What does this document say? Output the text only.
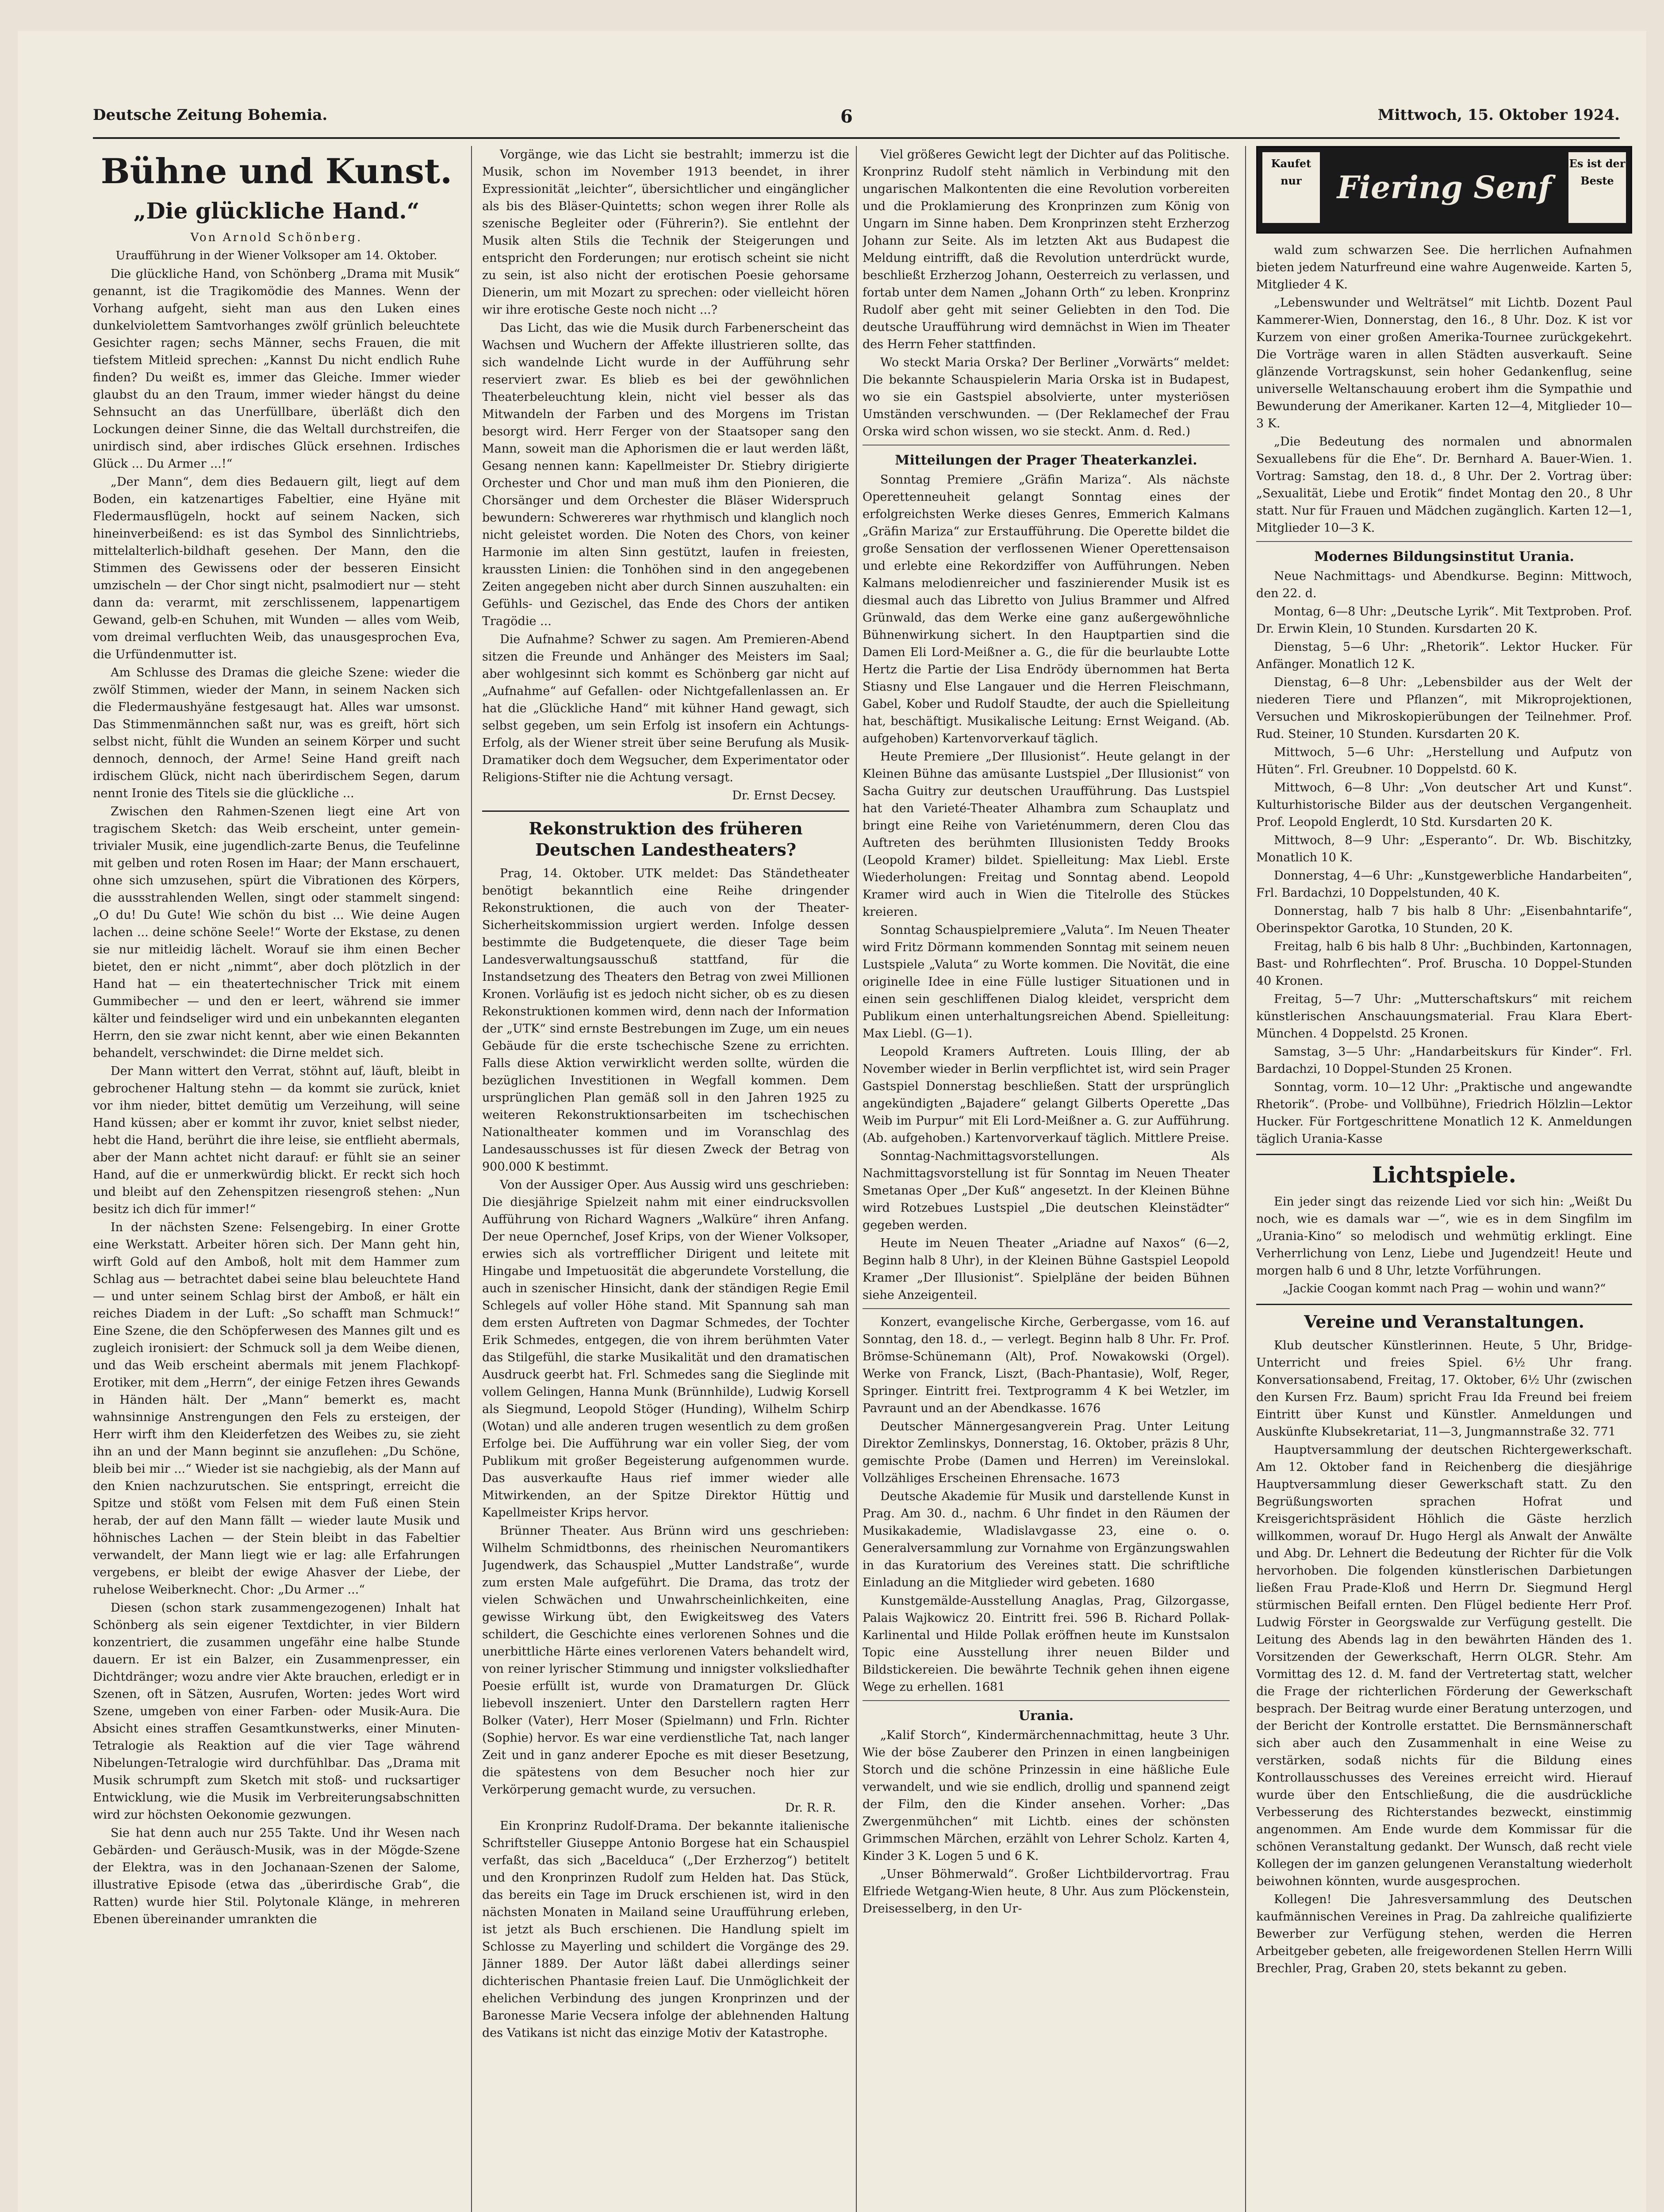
Deutsche Zeitung Bohemia.	6	Mittwoch, 15. Oktober 1924.
Bühne und Kunst.
„Die glückliche Hand.“

Von Arnold Schönberg.

Uraufführung in der Wiener Volksoper am 14. Oktober.

Die glückliche Hand, von Schönberg „Drama mit Musik“ genannt, ist die Tragikomödie des Mannes. Wenn der Vorhang aufgeht, sieht man aus den Luken eines dunkelviolettem Samtvorhanges zwölf grünlich beleuchtete Gesichter ragen; sechs Männer, sechs Frauen, die mit tiefstem Mitleid sprechen: „Kannst Du nicht endlich Ruhe finden? Du weißt es, immer das Gleiche. Immer wieder glaubst du an den Traum, immer wieder hängst du deine Sehnsucht an das Unerfüllbare, überläßt dich den Lockungen deiner Sinne, die das Weltall durchstreifen, die unirdisch sind, aber irdisches Glück ersehnen. Irdisches Glück ... Du Armer ...!“

„Der Mann“, dem dies Bedauern gilt, liegt auf dem Boden, ein katzenartiges Fabeltier, eine Hyäne mit Fledermausflügeln, hockt auf seinem Nacken, sich hineinverbeißend: es ist das Symbol des Sinnlichtriebs, mittelalterlich-bildhaft gesehen. Der Mann, den die Stimmen des Gewissens oder der besseren Einsicht umzischeln — der Chor singt nicht, psalmodiert nur — steht dann da: verarmt, mit zerschlissenem, lappenartigem Gewand, gelb-en Schuhen, mit Wunden — alles vom Weib, vom dreimal verfluchten Weib, das unausgesprochen Eva, die Urfündenmutter ist.

Am Schlusse des Dramas die gleiche Szene: wieder die zwölf Stimmen, wieder der Mann, in seinem Nacken sich die Fledermaushyäne festgesaugt hat. Alles war umsonst. Das Stimmenmännchen saßt nur, was es greift, hört sich selbst nicht, fühlt die Wunden an seinem Körper und sucht dennoch, dennoch, der Arme! Seine Hand greift nach irdischem Glück, nicht nach überirdischem Segen, darum nennt Ironie des Titels sie die glückliche ...

Zwischen den Rahmen-Szenen liegt eine Art von tragischem Sketch: das Weib erscheint, unter gemein-trivialer Musik, eine jugendlich-zarte Benus, die Teufelinne mit gelben und roten Rosen im Haar; der Mann erschauert, ohne sich umzusehen, spürt die Vibrationen des Körpers, die aussstrahlenden Wellen, singt oder stammelt singend: „O du! Du Gute! Wie schön du bist ... Wie deine Augen lachen ... deine schöne Seele!“ Worte der Ekstase, zu denen sie nur mitleidig lächelt. Worauf sie ihm einen Becher bietet, den er nicht „nimmt“, aber doch plötzlich in der Hand hat — ein theatertechnischer Trick mit einem Gummibecher — und den er leert, während sie immer kälter und feindseliger wird und ein unbekannten eleganten Herrn, den sie zwar nicht kennt, aber wie einen Bekannten behandelt, verschwindet: die Dirne meldet sich.

Der Mann wittert den Verrat, stöhnt auf, läuft, bleibt in gebrochener Haltung stehn — da kommt sie zurück, kniet vor ihm nieder, bittet demütig um Verzeihung, will seine Hand küssen; aber er kommt ihr zuvor, kniet selbst nieder, hebt die Hand, berührt die ihre leise, sie entflieht abermals, aber der Mann achtet nicht darauf: er fühlt sie an seiner Hand, auf die er unmerkwürdig blickt. Er reckt sich hoch und bleibt auf den Zehenspitzen riesengroß stehen: „Nun besitz ich dich für immer!“

In der nächsten Szene: Felsengebirg. In einer Grotte eine Werkstatt. Arbeiter hören sich. Der Mann geht hin, wirft Gold auf den Amboß, holt mit dem Hammer zum Schlag aus — betrachtet dabei seine blau beleuchtete Hand — und unter seinem Schlag birst der Amboß, er hält ein reiches Diadem in der Luft: „So schafft man Schmuck!“ Eine Szene, die den Schöpferwesen des Mannes gilt und es zugleich ironisiert: der Schmuck soll ja dem Weibe dienen, und das Weib erscheint abermals mit jenem Flachkopf-Erotiker, mit dem „Herrn“, der einige Fetzen ihres Gewands in Händen hält. Der „Mann“ bemerkt es, macht wahnsinnige Anstrengungen den Fels zu ersteigen, der Herr wirft ihm den Kleiderfetzen des Weibes zu, sie zieht ihn an und der Mann beginnt sie anzuflehen: „Du Schöne, bleib bei mir ...“ Wieder ist sie nachgiebig, als der Mann auf den Knien nachzurutschen. Sie entspringt, erreicht die Spitze und stößt vom Felsen mit dem Fuß einen Stein herab, der auf den Mann fällt — wieder laute Musik und höhnisches Lachen — der Stein bleibt in das Fabeltier verwandelt, der Mann liegt wie er lag: alle Erfahrungen vergebens, er bleibt der ewige Ahasver der Liebe, der ruhelose Weiberknecht. Chor: „Du Armer ...“

Diesen (schon stark zusammengezogenen) Inhalt hat Schönberg als sein eigener Textdichter, in vier Bildern konzentriert, die zusammen ungefähr eine halbe Stunde dauern. Er ist ein Balzer, ein Zusammenpresser, ein Dichtdränger; wozu andre vier Akte brauchen, erledigt er in Szenen, oft in Sätzen, Ausrufen, Worten: jedes Wort wird Szene, umgeben von einer Farben- oder Musik-Aura. Die Absicht eines straffen Gesamtkunstwerks, einer Minuten-Tetralogie als Reaktion auf die vier Tage während Nibelungen-Tetralogie wird durchfühlbar. Das „Drama mit Musik schrumpft zum Sketch mit stoß- und rucksartiger Entwicklung, wie die Musik im Verbreiterungsabschnitten wird zur höchsten Oekonomie gezwungen.

Sie hat denn auch nur 255 Takte. Und ihr Wesen nach Gebärden- und Geräusch-Musik, was in der Mögde-Szene der Elektra, was in den Jochanaan-Szenen der Salome, illustrative Episode (etwa das „überirdische Grab“, die Ratten) wurde hier Stil. Polytonale Klänge, in mehreren Ebenen übereinander umrankten die

Vorgänge, wie das Licht sie bestrahlt; immerzu ist die Musik, schon im November 1913 beendet, in ihrer Expressionität „leichter“, übersichtlicher und eingänglicher als bis des Bläser-Quintetts; schon wegen ihrer Rolle als szenische Begleiter oder (Führerin?). Sie entlehnt der Musik alten Stils die Technik der Steigerungen und entspricht den Forderungen; nur erotisch scheint sie nicht zu sein, ist also nicht der erotischen Poesie gehorsame Dienerin, um mit Mozart zu sprechen: oder vielleicht hören wir ihre erotische Geste noch nicht ...?

Das Licht, das wie die Musik durch Farbenerscheint das Wachsen und Wuchern der Affekte illustrieren sollte, das sich wandelnde Licht wurde in der Aufführung sehr reserviert zwar. Es blieb es bei der gewöhnlichen Theaterbeleuchtung klein, nicht viel besser als das Mitwandeln der Farben und des Morgens im Tristan besorgt wird. Herr Ferger von der Staatsoper sang den Mann, soweit man die Aphorismen die er laut werden läßt, Gesang nennen kann: Kapellmeister Dr. Stiebry dirigierte Orchester und Chor und man muß ihm den Pionieren, die Chorsänger und dem Orchester die Bläser Widerspruch bewundern: Schwereres war rhythmisch und klanglich noch nicht geleistet worden. Die Noten des Chors, von keiner Harmonie im alten Sinn gestützt, laufen in freiesten, kraussten Linien: die Tonhöhen sind in den angegebenen Zeiten angegeben nicht aber durch Sinnen auszuhalten: ein Gefühls- und Gezischel, das Ende des Chors der antiken Tragödie ...

Die Aufnahme? Schwer zu sagen. Am Premieren-Abend sitzen die Freunde und Anhänger des Meisters im Saal; aber wohlgesinnt sich kommt es Schönberg gar nicht auf „Aufnahme“ auf Gefallen- oder Nichtgefallenlassen an. Er hat die „Glückliche Hand“ mit kühner Hand gewagt, sich selbst gegeben, um sein Erfolg ist insofern ein Achtungs-Erfolg, als der Wiener streit über seine Berufung als Musik-Dramatiker doch dem Wegsucher, dem Experimentator oder Religions-Stifter nie die Achtung versagt.

Dr. Ernst Decsey.

Rekonstruktion des früheren Deutschen Landestheaters?

Prag, 14. Oktober. UTK meldet: Das Ständetheater benötigt bekanntlich eine Reihe dringender Rekonstruktionen, die auch von der Theater-Sicherheitskommission urgiert werden. Infolge dessen bestimmte die Budgetenquete, die dieser Tage beim Landesverwaltungsausschuß stattfand, für die Instandsetzung des Theaters den Betrag von zwei Millionen Kronen. Vorläufig ist es jedoch nicht sicher, ob es zu diesen Rekonstruktionen kommen wird, denn nach der Information der „UTK“ sind ernste Bestrebungen im Zuge, um ein neues Gebäude für die erste tschechische Szene zu errichten. Falls diese Aktion verwirklicht werden sollte, würden die bezüglichen Investitionen in Wegfall kommen. Dem ursprünglichen Plan gemäß soll in den Jahren 1925 zu weiteren Rekonstruktionsarbeiten im tschechischen Nationaltheater kommen und im Voranschlag des Landesausschusses ist für diesen Zweck der Betrag von 900.000 K bestimmt.

Von der Aussiger Oper. Aus Aussig wird uns geschrieben: Die diesjährige Spielzeit nahm mit einer eindrucksvollen Aufführung von Richard Wagners „Walküre“ ihren Anfang. Der neue Opernchef, Josef Krips, von der Wiener Volksoper, erwies sich als vortrefflicher Dirigent und leitete mit Hingabe und Impetuosität die abgerundete Vorstellung, die auch in szenischer Hinsicht, dank der ständigen Regie Emil Schlegels auf voller Höhe stand. Mit Spannung sah man dem ersten Auftreten von Dagmar Schmedes, der Tochter Erik Schmedes, entgegen, die von ihrem berühmten Vater das Stilgefühl, die starke Musikalität und den dramatischen Ausdruck geerbt hat. Frl. Schmedes sang die Sieglinde mit vollem Gelingen, Hanna Munk (Brünnhilde), Ludwig Korsell als Siegmund, Leopold Stöger (Hunding), Wilhelm Schirp (Wotan) und alle anderen trugen wesentlich zu dem großen Erfolge bei. Die Aufführung war ein voller Sieg, der vom Publikum mit großer Begeisterung aufgenommen wurde. Das ausverkaufte Haus rief immer wieder alle Mitwirkenden, an der Spitze Direktor Hüttig und Kapellmeister Krips hervor.

Brünner Theater. Aus Brünn wird uns geschrieben: Wilhelm Schmidtbonns, des rheinischen Neuromantikers Jugendwerk, das Schauspiel „Mutter Landstraße“, wurde zum ersten Male aufgeführt. Die Drama, das trotz der vielen Schwächen und Unwahrscheinlichkeiten, eine gewisse Wirkung übt, den Ewigkeitsweg des Vaters schildert, die Geschichte eines verlorenen Sohnes und die unerbittliche Härte eines verlorenen Vaters behandelt wird, von reiner lyrischer Stimmung und innigster volksliedhafter Poesie erfüllt ist, wurde von Dramaturgen Dr. Glück liebevoll inszeniert. Unter den Darstellern ragten Herr Bolker (Vater), Herr Moser (Spielmann) und Frln. Richter (Sophie) hervor. Es war eine verdienstliche Tat, nach langer Zeit und in ganz anderer Epoche es mit dieser Besetzung, die spätestens von dem Besucher noch hier zur Verkörperung gemacht wurde, zu versuchen.

Dr. R. R.

Ein Kronprinz Rudolf-Drama. Der bekannte italienische Schriftsteller Giuseppe Antonio Borgese hat ein Schauspiel verfaßt, das sich „Bacelduca“ („Der Erzherzog“) betitelt und den Kronprinzen Rudolf zum Helden hat. Das Stück, das bereits ein Tage im Druck erschienen ist, wird in den nächsten Monaten in Mailand seine Uraufführung erleben, ist jetzt als Buch erschienen. Die Handlung spielt im Schlosse zu Mayerling und schildert die Vorgänge des 29. Jänner 1889. Der Autor läßt dabei allerdings seiner dichterischen Phantasie freien Lauf. Die Unmöglichkeit der ehelichen Verbindung des jungen Kronprinzen und der Baronesse Marie Vecsera infolge der ablehnenden Haltung des Vatikans ist nicht das einzige Motiv der Katastrophe.

Viel größeres Gewicht legt der Dichter auf das Politische. Kronprinz Rudolf steht nämlich in Verbindung mit den ungarischen Malkontenten die eine Revolution vorbereiten und die Proklamierung des Kronprinzen zum König von Ungarn im Sinne haben. Dem Kronprinzen steht Erzherzog Johann zur Seite. Als im letzten Akt aus Budapest die Meldung eintrifft, daß die Revolution unterdrückt wurde, beschließt Erzherzog Johann, Oesterreich zu verlassen, und fortab unter dem Namen „Johann Orth“ zu leben. Kronprinz Rudolf aber geht mit seiner Geliebten in den Tod. Die deutsche Uraufführung wird demnächst in Wien im Theater des Herrn Feher stattfinden.

Wo steckt Maria Orska? Der Berliner „Vorwärts“ meldet: Die bekannte Schauspielerin Maria Orska ist in Budapest, wo sie ein Gastspiel absolvierte, unter mysteriösen Umständen verschwunden. — (Der Reklamechef der Frau Orska wird schon wissen, wo sie steckt. Anm. d. Red.)

Mitteilungen der Prager Theaterkanzlei.

Sonntag Premiere „Gräfin Mariza“. Als nächste Operettenneuheit gelangt Sonntag eines der erfolgreichsten Werke dieses Genres, Emmerich Kalmans „Gräfin Mariza“ zur Erstaufführung. Die Operette bildet die große Sensation der verflossenen Wiener Operettensaison und erlebte eine Rekordziffer von Aufführungen. Neben Kalmans melodienreicher und faszinierender Musik ist es diesmal auch das Libretto von Julius Brammer und Alfred Grünwald, das dem Werke eine ganz außergewöhnliche Bühnenwirkung sichert. In den Hauptpartien sind die Damen Eli Lord-Meißner a. G., die für die beurlaubte Lotte Hertz die Partie der Lisa Endrödy übernommen hat Berta Stiasny und Else Langauer und die Herren Fleischmann, Gabel, Kober und Rudolf Staudte, der auch die Spielleitung hat, beschäftigt. Musikalische Leitung: Ernst Weigand. (Ab. aufgehoben) Kartenvorverkauf täglich.

Heute Premiere „Der Illusionist“. Heute gelangt in der Kleinen Bühne das amüsante Lustspiel „Der Illusionist“ von Sacha Guitry zur deutschen Uraufführung. Das Lustspiel hat den Varieté-Theater Alhambra zum Schauplatz und bringt eine Reihe von Varieténummern, deren Clou das Auftreten des berühmten Illusionisten Teddy Brooks (Leopold Kramer) bildet. Spielleitung: Max Liebl. Erste Wiederholungen: Freitag und Sonntag abend. Leopold Kramer wird auch in Wien die Titelrolle des Stückes kreieren.

Sonntag Schauspielpremiere „Valuta“. Im Neuen Theater wird Fritz Dörmann kommenden Sonntag mit seinem neuen Lustspiele „Valuta“ zu Worte kommen. Die Novität, die eine originelle Idee in eine Fülle lustiger Situationen und in einen sein geschliffenen Dialog kleidet, verspricht dem Publikum einen unterhaltungsreichen Abend. Spielleitung: Max Liebl. (G—1).

Leopold Kramers Auftreten. Louis Illing, der ab November wieder in Berlin verpflichtet ist, wird sein Prager Gastspiel Donnerstag beschließen. Statt der ursprünglich angekündigten „Bajadere“ gelangt Gilberts Operette „Das Weib im Purpur“ mit Eli Lord-Meißner a. G. zur Aufführung. (Ab. aufgehoben.) Kartenvorverkauf täglich. Mittlere Preise.

Sonntag-Nachmittagsvorstellungen. Als Nachmittagsvorstellung ist für Sonntag im Neuen Theater Smetanas Oper „Der Kuß“ angesetzt. In der Kleinen Bühne wird Rotzebues Lustspiel „Die deutschen Kleinstädter“ gegeben werden.

Heute im Neuen Theater „Ariadne auf Naxos“ (6—2, Beginn halb 8 Uhr), in der Kleinen Bühne Gastspiel Leopold Kramer „Der Illusionist“. Spielpläne der beiden Bühnen siehe Anzeigenteil.

Konzert, evangelische Kirche, Gerbergasse, vom 16. auf Sonntag, den 18. d., — verlegt. Beginn halb 8 Uhr. Fr. Prof. Brömse-Schünemann (Alt), Prof. Nowakowski (Orgel). Werke von Franck, Liszt, (Bach-Phantasie), Wolf, Reger, Springer. Eintritt frei. Textprogramm 4 K bei Wetzler, im Pavraunt und an der Abendkasse. 1676

Deutscher Männergesangverein Prag. Unter Leitung Direktor Zemlinskys, Donnerstag, 16. Oktober, präzis 8 Uhr, gemischte Probe (Damen und Herren) im Vereinslokal. Vollzähliges Erscheinen Ehrensache. 1673

Deutsche Akademie für Musik und darstellende Kunst in Prag. Am 30. d., nachm. 6 Uhr findet in den Räumen der Musikakademie, Wladislavgasse 23, eine o. o. Generalversammlung zur Vornahme von Ergänzungswahlen in das Kuratorium des Vereines statt. Die schriftliche Einladung an die Mitglieder wird gebeten. 1680

Kunstgemälde-Ausstellung Anaglas, Prag, Gilzorgasse, Palais Wajkowicz 20. Eintritt frei. 596 B. Richard Pollak-Karlinental und Hilde Pollak eröffnen heute im Kunstsalon Topic eine Ausstellung ihrer neuen Bilder und Bildstickereien. Die bewährte Technik gehen ihnen eigene Wege zu erhellen. 1681

Urania.

„Kalif Storch“, Kindermärchennachmittag, heute 3 Uhr. Wie der böse Zauberer den Prinzen in einen langbeinigen Storch und die schöne Prinzessin in eine häßliche Eule verwandelt, und wie sie endlich, drollig und spannend zeigt der Film, den die Kinder ansehen. Vorher: „Das Zwergenmühchen“ mit Lichtb. eines der schönsten Grimmschen Märchen, erzählt von Lehrer Scholz. Karten 4, Kinder 3 K. Logen 5 und 6 K.

„Unser Böhmerwald“. Großer Lichtbildervortrag. Frau Elfriede Wetgang-Wien heute, 8 Uhr. Aus zum Plöckenstein, Dreisesselberg, in den Ur-

Kaufet nur	Fiering Senf
Es ist der Beste

wald zum schwarzen See. Die herrlichen Aufnahmen bieten jedem Naturfreund eine wahre Augenweide. Karten 5, Mitglieder 4 K.

„Lebenswunder und Welträtsel“ mit Lichtb. Dozent Paul Kammerer-Wien, Donnerstag, den 16., 8 Uhr. Doz. K ist vor Kurzem von einer großen Amerika-Tournee zurückgekehrt. Die Vorträge waren in allen Städten ausverkauft. Seine glänzende Vortragskunst, sein hoher Gedankenflug, seine universelle Weltanschauung erobert ihm die Sympathie und Bewunderung der Amerikaner. Karten 12—4, Mitglieder 10—3 K.

„Die Bedeutung des normalen und abnormalen Sexuallebens für die Ehe“. Dr. Bernhard A. Bauer-Wien. 1. Vortrag: Samstag, den 18. d., 8 Uhr. Der 2. Vortrag über: „Sexualität, Liebe und Erotik“ findet Montag den 20., 8 Uhr statt. Nur für Frauen und Mädchen zugänglich. Karten 12—1, Mitglieder 10—3 K.

Modernes Bildungsinstitut Urania.

Neue Nachmittags- und Abendkurse. Beginn: Mittwoch, den 22. d.

Montag, 6—8 Uhr: „Deutsche Lyrik“. Mit Textproben. Prof. Dr. Erwin Klein, 10 Stunden. Kursdarten 20 K.

Dienstag, 5—6 Uhr: „Rhetorik“. Lektor Hucker. Für Anfänger. Monatlich 12 K.

Dienstag, 6—8 Uhr: „Lebensbilder aus der Welt der niederen Tiere und Pflanzen“, mit Mikroprojektionen, Versuchen und Mikroskopierübungen der Teilnehmer. Prof. Rud. Steiner, 10 Stunden. Kursdarten 20 K.

Mittwoch, 5—6 Uhr: „Herstellung und Aufputz von Hüten“. Frl. Greubner. 10 Doppelstd. 60 K.

Mittwoch, 6—8 Uhr: „Von deutscher Art und Kunst“. Kulturhistorische Bilder aus der deutschen Vergangenheit. Prof. Leopold Englerdt, 10 Std. Kursdarten 20 K.

Mittwoch, 8—9 Uhr: „Esperanto“. Dr. Wb. Bischitzky, Monatlich 10 K.

Donnerstag, 4—6 Uhr: „Kunstgewerbliche Handarbeiten“, Frl. Bardachzi, 10 Doppelstunden, 40 K.

Donnerstag, halb 7 bis halb 8 Uhr: „Eisenbahntarife“, Oberinspektor Garotka, 10 Stunden, 20 K.

Freitag, halb 6 bis halb 8 Uhr: „Buchbinden, Kartonnagen, Bast- und Rohrflechten“. Prof. Bruscha. 10 Doppel-Stunden 40 Kronen.

Freitag, 5—7 Uhr: „Mutterschaftskurs“ mit reichem künstlerischen Anschauungsmaterial. Frau Klara Ebert-München. 4 Doppelstd. 25 Kronen.

Samstag, 3—5 Uhr: „Handarbeitskurs für Kinder“. Frl. Bardachzi, 10 Doppel-Stunden 25 Kronen.

Sonntag, vorm. 10—12 Uhr: „Praktische und angewandte Rhetorik“. (Probe- und Vollbühne), Friedrich Hölzlin—Lektor Hucker. Für Fortgeschrittene Monatlich 12 K. Anmeldungen täglich Urania-Kasse

Lichtspiele.

Ein jeder singt das reizende Lied vor sich hin: „Weißt Du noch, wie es damals war —“, wie es in dem Singfilm im „Urania-Kino“ so melodisch und wehmütig erklingt. Eine Verherrlichung von Lenz, Liebe und Jugendzeit! Heute und morgen halb 6 und 8 Uhr, letzte Vorführungen.

„Jackie Coogan kommt nach Prag — wohin und wann?“

Vereine und Veranstaltungen.

Klub deutscher Künstlerinnen. Heute, 5 Uhr, Bridge-Unterricht und freies Spiel. 6½ Uhr frang. Konversationsabend, Freitag, 17. Oktober, 6½ Uhr (zwischen den Kursen Frz. Baum) spricht Frau Ida Freund bei freiem Eintritt über Kunst und Künstler. Anmeldungen und Auskünfte Klubsekretariat, 11—3, Jungmannstraße 32. 771

Hauptversammlung der deutschen Richtergewerkschaft. Am 12. Oktober fand in Reichenberg die diesjährige Hauptversammlung dieser Gewerkschaft statt. Zu den Begrüßungsworten sprachen Hofrat und Kreisgerichtspräsident Höhlich die Gäste herzlich willkommen, worauf Dr. Hugo Hergl als Anwalt der Anwälte und Abg. Dr. Lehnert die Bedeutung der Richter für die Volk hervorhoben. Die folgenden künstlerischen Darbietungen ließen Frau Prade-Kloß und Herrn Dr. Siegmund Hergl stürmischen Beifall ernten. Den Flügel bediente Herr Prof. Ludwig Förster in Georgswalde zur Verfügung gestellt. Die Leitung des Abends lag in den bewährten Händen des 1. Vorsitzenden der Gewerkschaft, Herrn OLGR. Stehr. Am Vormittag des 12. d. M. fand der Vertretertag statt, welcher die Frage der richterlichen Förderung der Gewerkschaft besprach. Der Beitrag wurde einer Beratung unterzogen, und der Bericht der Kontrolle erstattet. Die Bernsmännerschaft sich aber auch den Zusammenhalt in eine Weise zu verstärken, sodaß nichts für die Bildung eines Kontrollausschusses des Vereines erreicht wird. Hierauf wurde über den Entschließung, die die ausdrückliche Verbesserung des Richterstandes bezweckt, einstimmig angenommen. Am Ende wurde dem Kommissar für die schönen Veranstaltung gedankt. Der Wunsch, daß recht viele Kollegen der im ganzen gelungenen Veranstaltung wiederholt beiwohnen könnten, wurde ausgesprochen.

Kollegen! Die Jahresversammlung des Deutschen kaufmännischen Vereines in Prag. Da zahlreiche qualifizierte Bewerber zur Verfügung stehen, werden die Herren Arbeitgeber gebeten, alle freigewordenen Stellen Herrn Willi Brechler, Prag, Graben 20, stets bekannt zu geben.
